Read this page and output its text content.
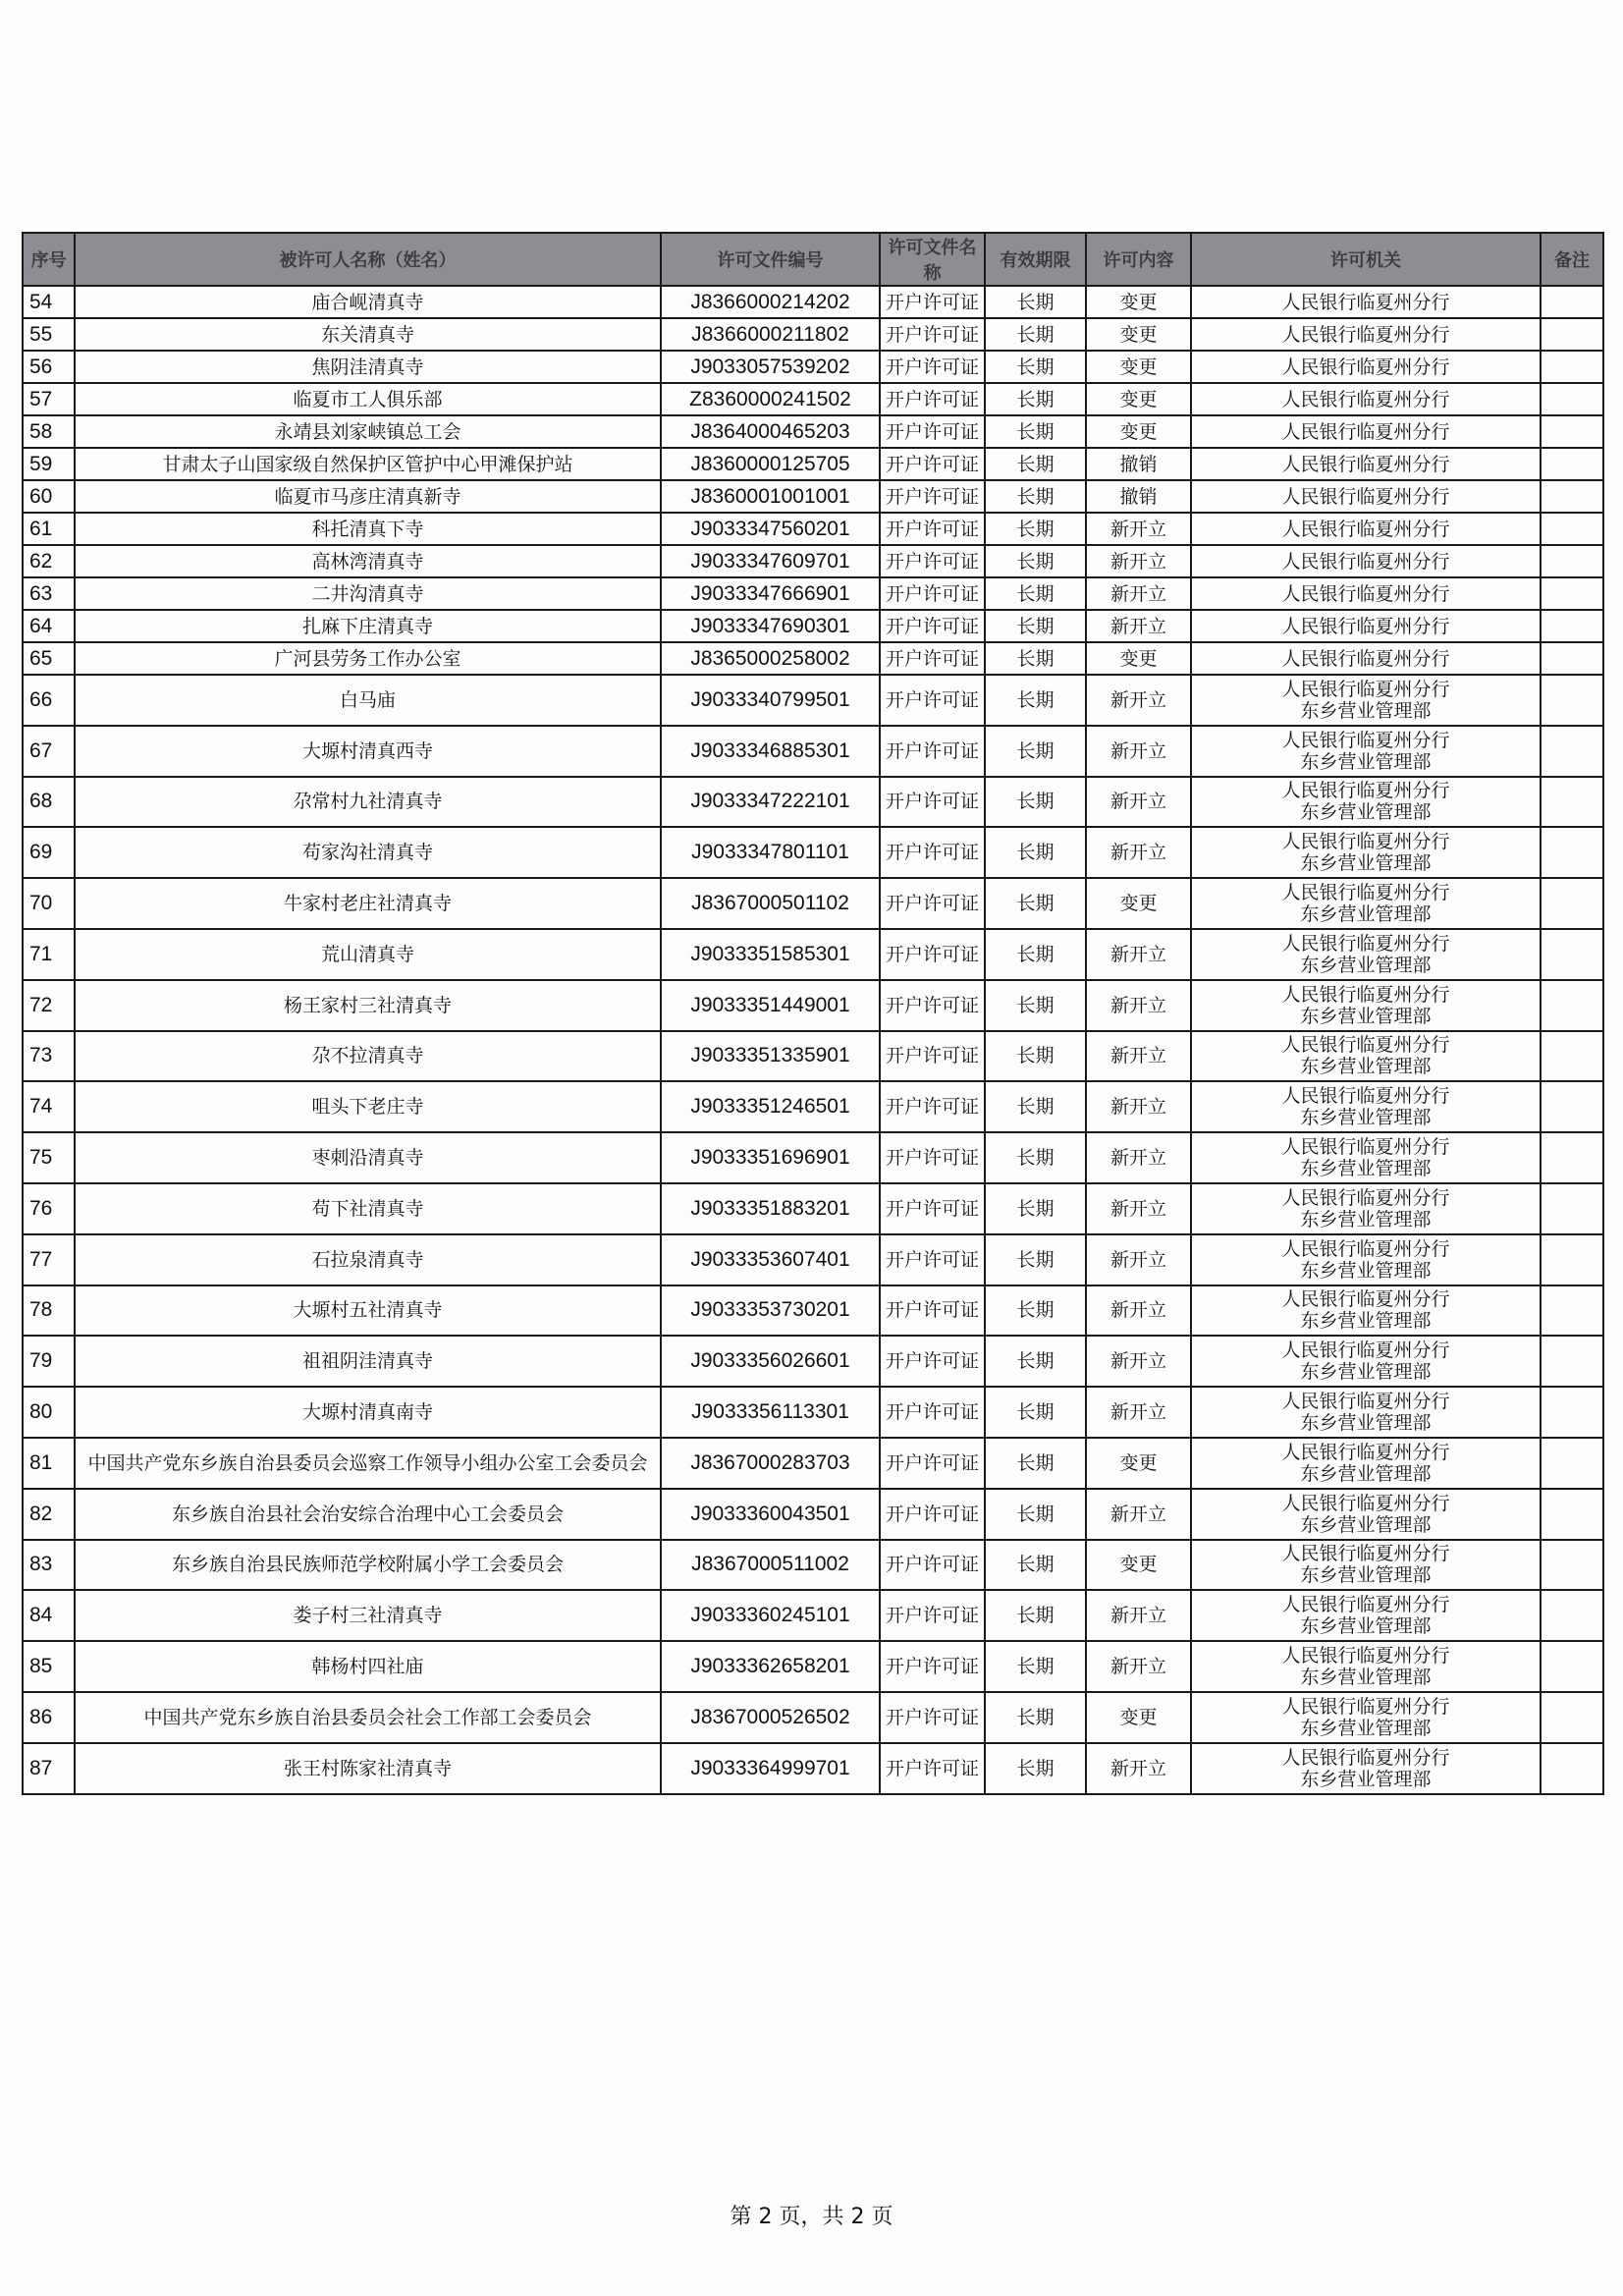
序号	被许可人名称（姓名）	许可文件编号	许可文件名称	有效期限	许可内容	许可机关	备注
54	庙合岘清真寺	J8366000214202	开户许可证	长期	变更	人民银行临夏州分行	

55	东关清真寺	J8366000211802	开户许可证	长期	变更	人民银行临夏州分行	

56	焦阴洼清真寺	J9033057539202	开户许可证	长期	变更	人民银行临夏州分行	

57	临夏市工人俱乐部	Z8360000241502	开户许可证	长期	变更	人民银行临夏州分行	

58	永靖县刘家峡镇总工会	J8364000465203	开户许可证	长期	变更	人民银行临夏州分行	

59	甘肃太子山国家级自然保护区管护中心甲滩保护站	J8360000125705	开户许可证	长期	撤销	人民银行临夏州分行	

60	临夏市马彦庄清真新寺	J8360001001001	开户许可证	长期	撤销	人民银行临夏州分行	

61	科托清真下寺	J9033347560201	开户许可证	长期	新开立	人民银行临夏州分行	

62	高林湾清真寺	J9033347609701	开户许可证	长期	新开立	人民银行临夏州分行	

63	二井沟清真寺	J9033347666901	开户许可证	长期	新开立	人民银行临夏州分行	

64	扎麻下庄清真寺	J9033347690301	开户许可证	长期	新开立	人民银行临夏州分行	

65	广河县劳务工作办公室	J8365000258002	开户许可证	长期	变更	人民银行临夏州分行	

66	白马庙	J9033340799501	开户许可证	长期	新开立	人民银行临夏州分行
东乡营业管理部	

67	大塬村清真西寺	J9033346885301	开户许可证	长期	新开立	人民银行临夏州分行
东乡营业管理部	

68	尕常村九社清真寺	J9033347222101	开户许可证	长期	新开立	人民银行临夏州分行
东乡营业管理部	

69	苟家沟社清真寺	J9033347801101	开户许可证	长期	新开立	人民银行临夏州分行
东乡营业管理部	

70	牛家村老庄社清真寺	J8367000501102	开户许可证	长期	变更	人民银行临夏州分行
东乡营业管理部	

71	荒山清真寺	J9033351585301	开户许可证	长期	新开立	人民银行临夏州分行
东乡营业管理部	

72	杨王家村三社清真寺	J9033351449001	开户许可证	长期	新开立	人民银行临夏州分行
东乡营业管理部	

73	尕不拉清真寺	J9033351335901	开户许可证	长期	新开立	人民银行临夏州分行
东乡营业管理部	

74	咀头下老庄寺	J9033351246501	开户许可证	长期	新开立	人民银行临夏州分行
东乡营业管理部	

75	枣刺沿清真寺	J9033351696901	开户许可证	长期	新开立	人民银行临夏州分行
东乡营业管理部	

76	苟下社清真寺	J9033351883201	开户许可证	长期	新开立	人民银行临夏州分行
东乡营业管理部	

77	石拉泉清真寺	J9033353607401	开户许可证	长期	新开立	人民银行临夏州分行
东乡营业管理部	

78	大塬村五社清真寺	J9033353730201	开户许可证	长期	新开立	人民银行临夏州分行
东乡营业管理部	

79	祖祖阴洼清真寺	J9033356026601	开户许可证	长期	新开立	人民银行临夏州分行
东乡营业管理部	

80	大塬村清真南寺	J9033356113301	开户许可证	长期	新开立	人民银行临夏州分行
东乡营业管理部	

81	中国共产党东乡族自治县委员会巡察工作领导小组办公室工会委员会	J8367000283703	开户许可证	长期	变更	人民银行临夏州分行
东乡营业管理部	

82	东乡族自治县社会治安综合治理中心工会委员会	J9033360043501	开户许可证	长期	新开立	人民银行临夏州分行
东乡营业管理部	

83	东乡族自治县民族师范学校附属小学工会委员会	J8367000511002	开户许可证	长期	变更	人民银行临夏州分行
东乡营业管理部	

84	娄子村三社清真寺	J9033360245101	开户许可证	长期	新开立	人民银行临夏州分行
东乡营业管理部	

85	韩杨村四社庙	J9033362658201	开户许可证	长期	新开立	人民银行临夏州分行
东乡营业管理部	

86	中国共产党东乡族自治县委员会社会工作部工会委员会	J8367000526502	开户许可证	长期	变更	人民银行临夏州分行
东乡营业管理部	

87	张王村陈家社清真寺	J9033364999701	开户许可证	长期	新开立	人民银行临夏州分行
东乡营业管理部	

第 2 页，共 2 页
